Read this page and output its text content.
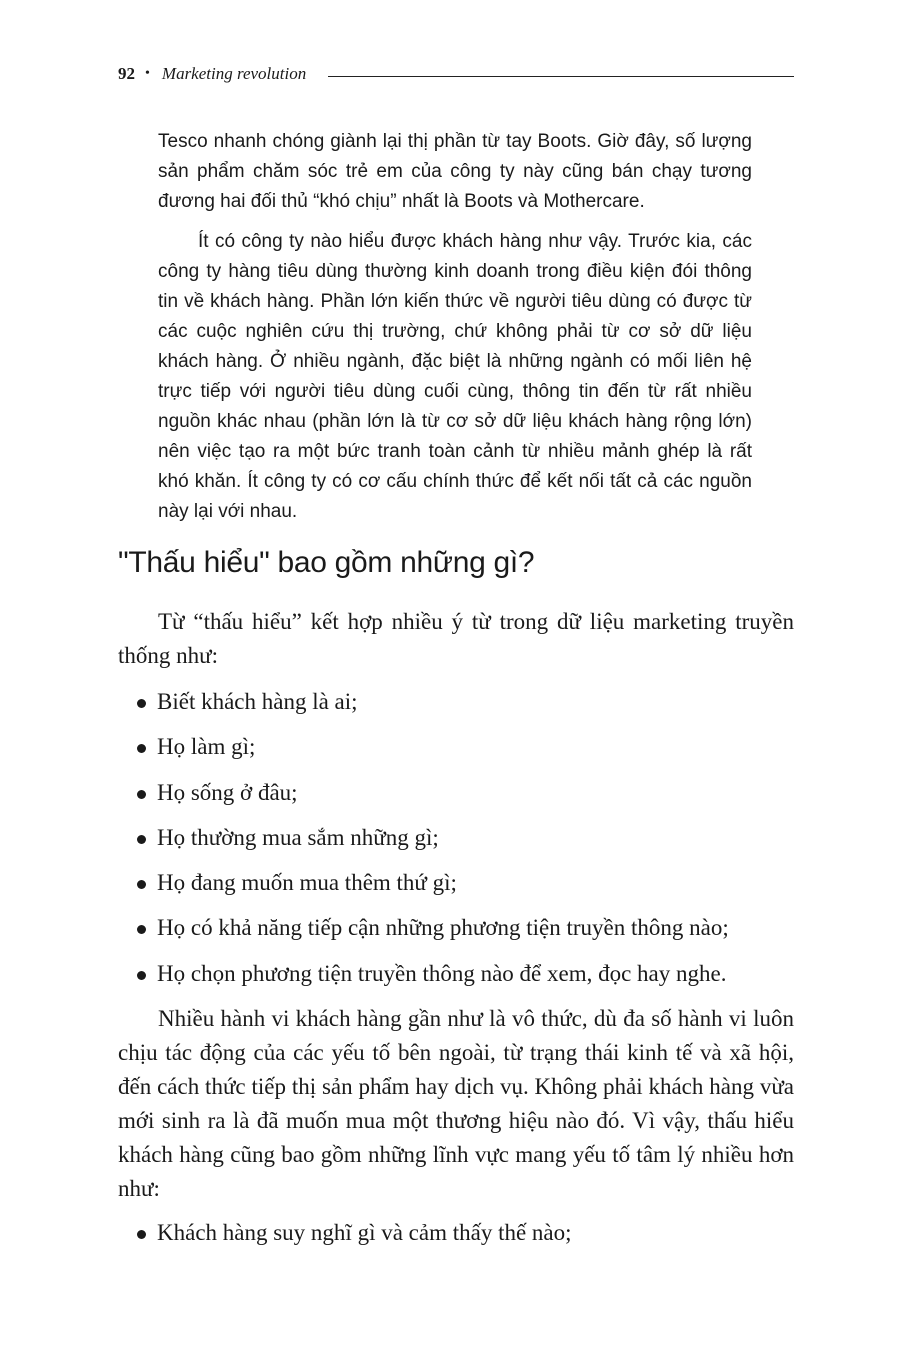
92 • Marketing revolution

Tesco nhanh chóng giành lại thị phần từ tay Boots. Giờ đây, số lượng sản phẩm chăm sóc trẻ em của công ty này cũng bán chạy tương đương hai đối thủ “khó chịu” nhất là Boots và Mothercare.

Ít có công ty nào hiểu được khách hàng như vậy. Trước kia, các công ty hàng tiêu dùng thường kinh doanh trong điều kiện đói thông tin về khách hàng. Phần lớn kiến thức về người tiêu dùng có được từ các cuộc nghiên cứu thị trường, chứ không phải từ cơ sở dữ liệu khách hàng. Ở nhiều ngành, đặc biệt là những ngành có mối liên hệ trực tiếp với người tiêu dùng cuối cùng, thông tin đến từ rất nhiều nguồn khác nhau (phần lớn là từ cơ sở dữ liệu khách hàng rộng lớn) nên việc tạo ra một bức tranh toàn cảnh từ nhiều mảnh ghép là rất khó khăn. Ít công ty có cơ cấu chính thức để kết nối tất cả các nguồn này lại với nhau.

"Thấu hiểu" bao gồm những gì?

Từ “thấu hiểu” kết hợp nhiều ý từ trong dữ liệu marketing truyền thống như:

Biết khách hàng là ai;
Họ làm gì;
Họ sống ở đâu;
Họ thường mua sắm những gì;
Họ đang muốn mua thêm thứ gì;
Họ có khả năng tiếp cận những phương tiện truyền thông nào;
Họ chọn phương tiện truyền thông nào để xem, đọc hay nghe.

Nhiều hành vi khách hàng gần như là vô thức, dù đa số hành vi luôn chịu tác động của các yếu tố bên ngoài, từ trạng thái kinh tế và xã hội, đến cách thức tiếp thị sản phẩm hay dịch vụ. Không phải khách hàng vừa mới sinh ra là đã muốn mua một thương hiệu nào đó. Vì vậy, thấu hiểu khách hàng cũng bao gồm những lĩnh vực mang yếu tố tâm lý nhiều hơn như:

Khách hàng suy nghĩ gì và cảm thấy thế nào;
